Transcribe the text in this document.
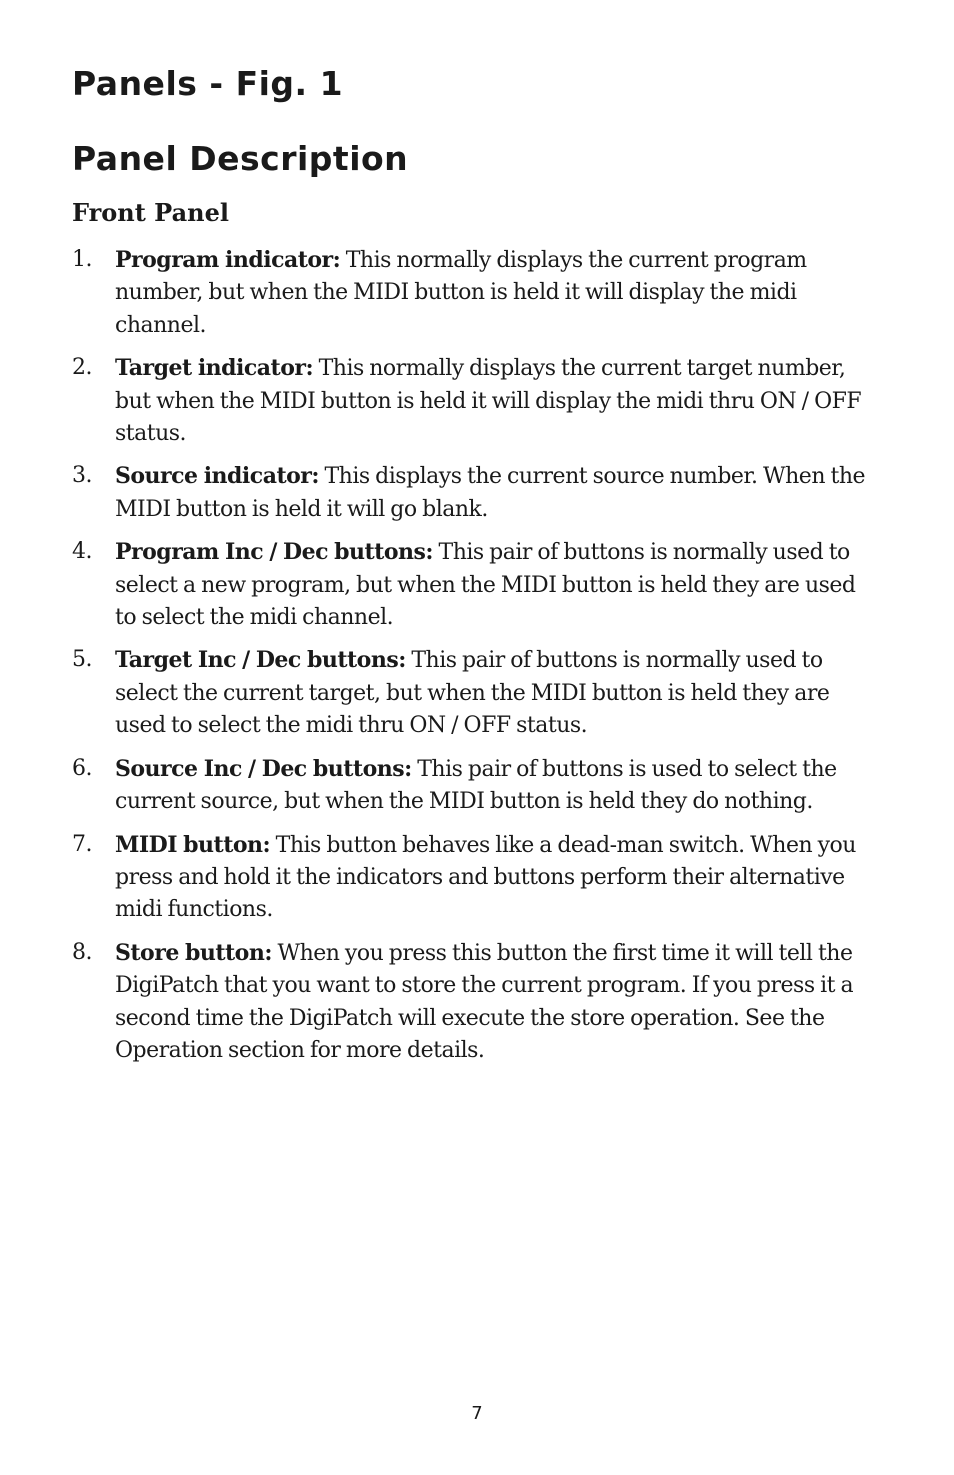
Panels - Fig. 1
Panel Description
Front Panel
1. Program indicator: This normally displays the current program number, but when the MIDI button is held it will display the midi channel.
2. Target indicator: This normally displays the current target number, but when the MIDI button is held it will display the midi thru ON / OFF status.
3. Source indicator: This displays the current source number. When the MIDI button is held it will go blank.
4. Program Inc / Dec buttons: This pair of buttons is normally used to select a new program, but when the MIDI button is held they are used to select the midi channel.
5. Target Inc / Dec buttons: This pair of buttons is normally used to select the current target, but when the MIDI button is held they are used to select the midi thru ON / OFF status.
6. Source Inc / Dec buttons: This pair of buttons is used to select the current source, but when the MIDI button is held they do nothing.
7. MIDI button: This button behaves like a dead-man switch. When you press and hold it the indicators and buttons perform their alternative midi functions.
8. Store button: When you press this button the first time it will tell the DigiPatch that you want to store the current program. If you press it a second time the DigiPatch will execute the store operation. See the Operation section for more details.
7
